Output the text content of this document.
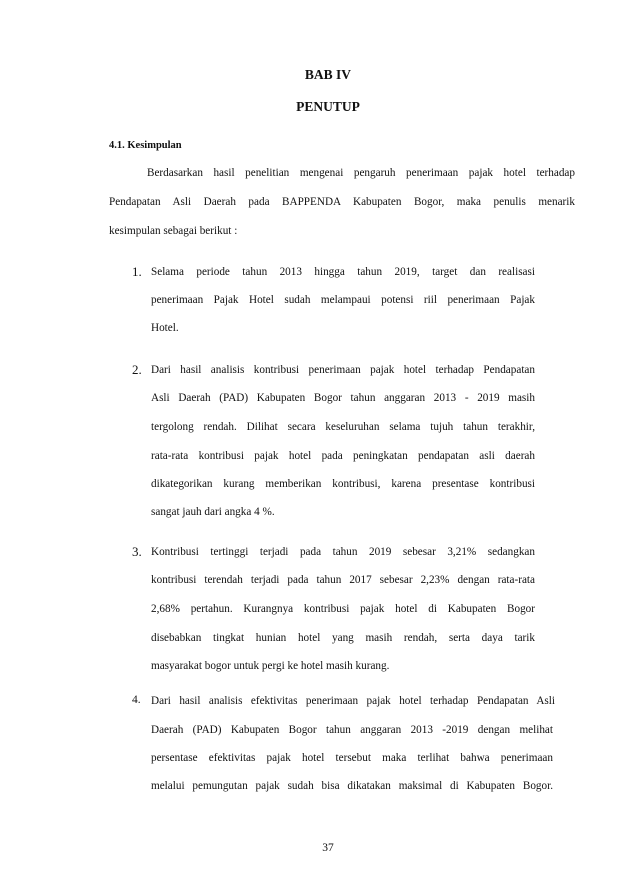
BAB IV
PENUTUP
4.1. Kesimpulan

Berdasarkan hasil penelitian mengenai pengaruh penerimaan pajak hotel terhadap

Pendapatan Asli Daerah pada BAPPENDA Kabupaten Bogor, maka penulis menarik

kesimpulan sebagai berikut :

1. Selama periode tahun 2013 hingga tahun 2019, target dan realisasi

penerimaan Pajak Hotel sudah melampaui potensi riil penerimaan Pajak

Hotel.

2. Dari hasil analisis kontribusi penerimaan pajak hotel terhadap Pendapatan

Asli Daerah (PAD) Kabupaten Bogor tahun anggaran 2013 - 2019 masih

tergolong rendah. Dilihat secara keseluruhan selama tujuh tahun terakhir,

rata-rata kontribusi pajak hotel pada peningkatan pendapatan asli daerah

dikategorikan kurang memberikan kontribusi, karena presentase kontribusi

sangat jauh dari angka 4 %.

3. Kontribusi tertinggi terjadi pada tahun 2019 sebesar 3,21% sedangkan

kontribusi terendah terjadi pada tahun 2017 sebesar 2,23% dengan rata-rata

2,68% pertahun. Kurangnya kontribusi pajak hotel di Kabupaten Bogor

disebabkan tingkat hunian hotel yang masih rendah, serta daya tarik

masyarakat bogor untuk pergi ke hotel masih kurang.

4. Dari hasil analisis efektivitas penerimaan pajak hotel terhadap Pendapatan Asli

Daerah (PAD) Kabupaten Bogor tahun anggaran 2013 -2019 dengan melihat

persentase efektivitas pajak hotel tersebut maka terlihat bahwa penerimaan

melalui pemungutan pajak sudah bisa dikatakan maksimal di Kabupaten Bogor.

37
